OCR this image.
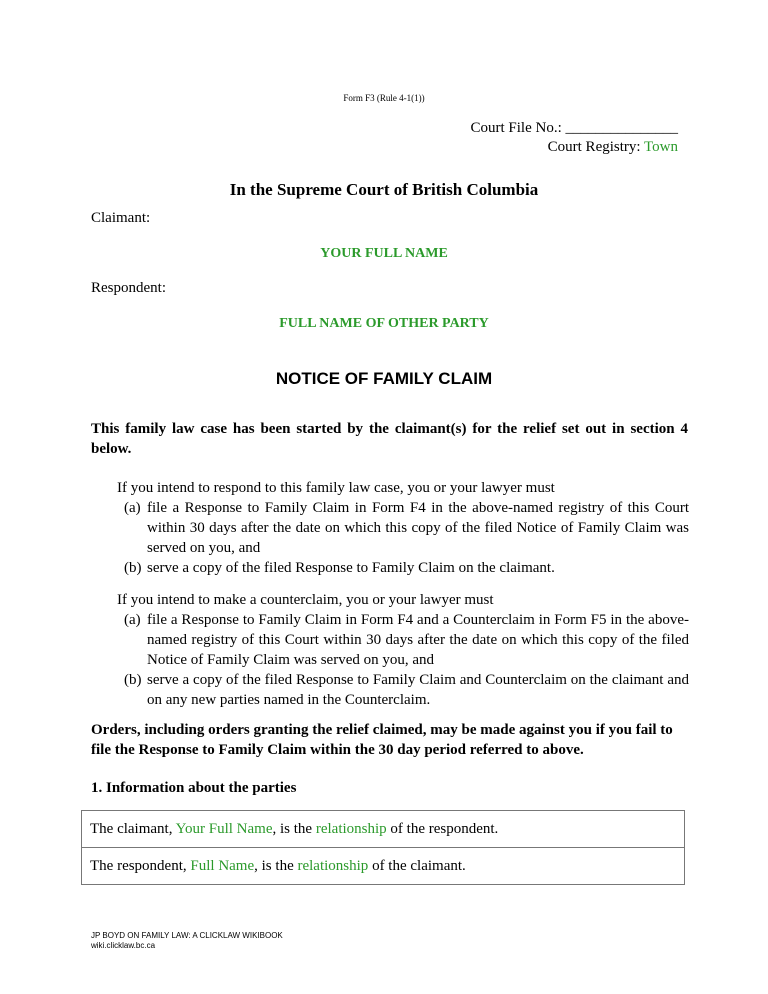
Form F3 (Rule 4-1(1))
Court File No.: _______________
Court Registry: Town
In the Supreme Court of British Columbia
Claimant:
YOUR FULL NAME
Respondent:
FULL NAME OF OTHER PARTY
NOTICE OF FAMILY CLAIM
This family law case has been started by the claimant(s) for the relief set out in section 4 below.
If you intend to respond to this family law case, you or your lawyer must
(a) file a Response to Family Claim in Form F4 in the above-named registry of this Court within 30 days after the date on which this copy of the filed Notice of Family Claim was served on you, and
(b) serve a copy of the filed Response to Family Claim on the claimant.
If you intend to make a counterclaim, you or your lawyer must
(a) file a Response to Family Claim in Form F4 and a Counterclaim in Form F5 in the above-named registry of this Court within 30 days after the date on which this copy of the filed Notice of Family Claim was served on you, and
(b) serve a copy of the filed Response to Family Claim and Counterclaim on the claimant and on any new parties named in the Counterclaim.
Orders, including orders granting the relief claimed, may be made against you if you fail to file the Response to Family Claim within the 30 day period referred to above.
1. Information about the parties
The claimant, Your Full Name, is the relationship of the respondent.
The respondent, Full Name, is the relationship of the claimant.
JP BOYD ON FAMILY LAW: A CLICKLAW WIKIBOOK
wiki.clicklaw.bc.ca
